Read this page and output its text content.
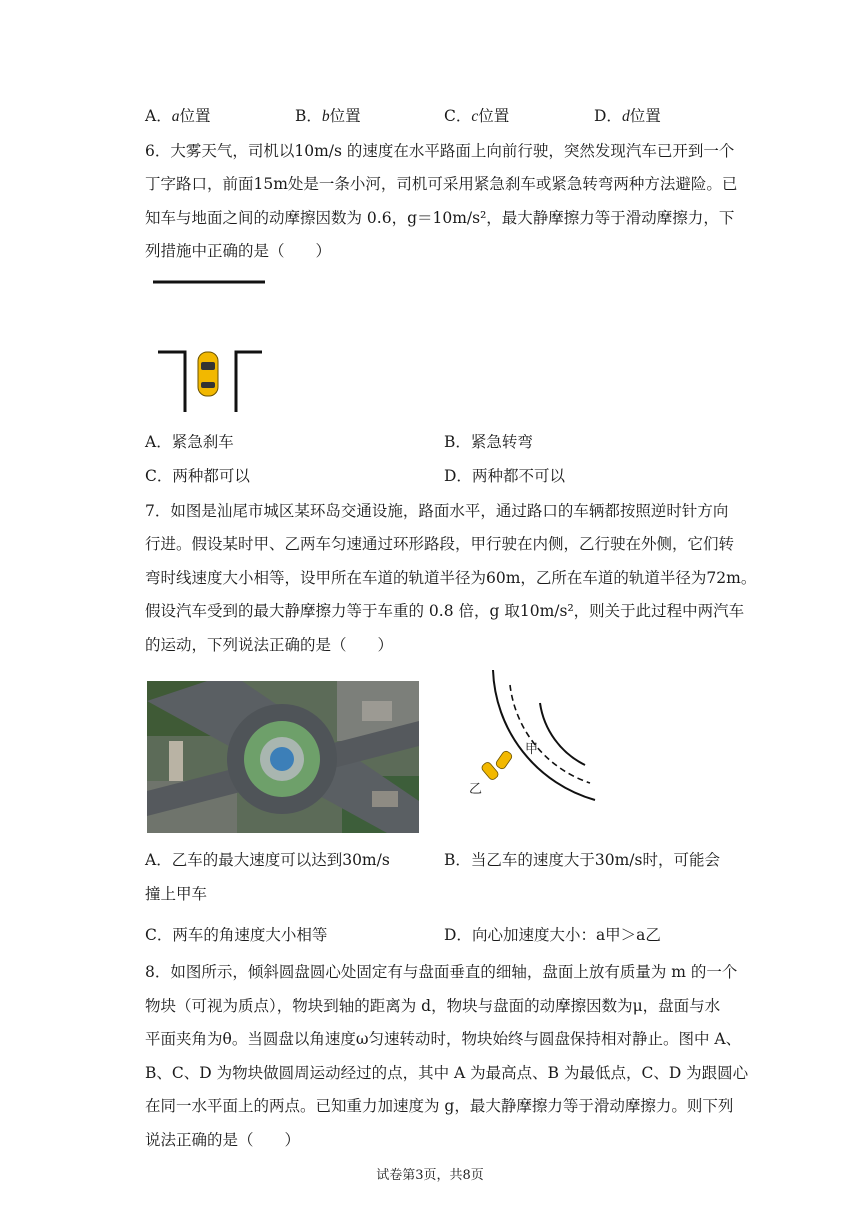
A．a位置	B．b位置	C．c位置	D．d位置
6．大雾天气，司机以10m/s 的速度在水平路面上向前行驶，突然发现汽车已开到一个
丁字路口，前面15m处是一条小河，司机可采用紧急刹车或紧急转弯两种方法避险。已
知车与地面之间的动摩擦因数为 0.6，g＝10m/s²，最大静摩擦力等于滑动摩擦力，下
列措施中正确的是（　　）
A．紧急刹车	B．紧急转弯
C．两种都可以	D．两种都不可以
7．如图是汕尾市城区某环岛交通设施，路面水平，通过路口的车辆都按照逆时针方向
行进。假设某时甲、乙两车匀速通过环形路段，甲行驶在内侧，乙行驶在外侧，它们转
弯时线速度大小相等，设甲所在车道的轨道半径为60m，乙所在车道的轨道半径为72m。
假设汽车受到的最大静摩擦力等于车重的 0.8 倍，g 取10m/s²，则关于此过程中两汽车
的运动，下列说法正确的是（　　）
甲
乙
A．乙车的最大速度可以达到30m/s	B．当乙车的速度大于30m/s时，可能会
撞上甲车
C．两车的角速度大小相等	D．向心加速度大小：a甲＞a乙
8．如图所示，倾斜圆盘圆心处固定有与盘面垂直的细轴，盘面上放有质量为 m 的一个
物块（可视为质点），物块到轴的距离为 d，物块与盘面的动摩擦因数为μ，盘面与水
平面夹角为θ。当圆盘以角速度ω匀速转动时，物块始终与圆盘保持相对静止。图中 A、
B、C、D 为物块做圆周运动经过的点，其中 A 为最高点、B 为最低点，C、D 为跟圆心
在同一水平面上的两点。已知重力加速度为 g，最大静摩擦力等于滑动摩擦力。则下列
说法正确的是（　　）
试卷第3页，共8页
